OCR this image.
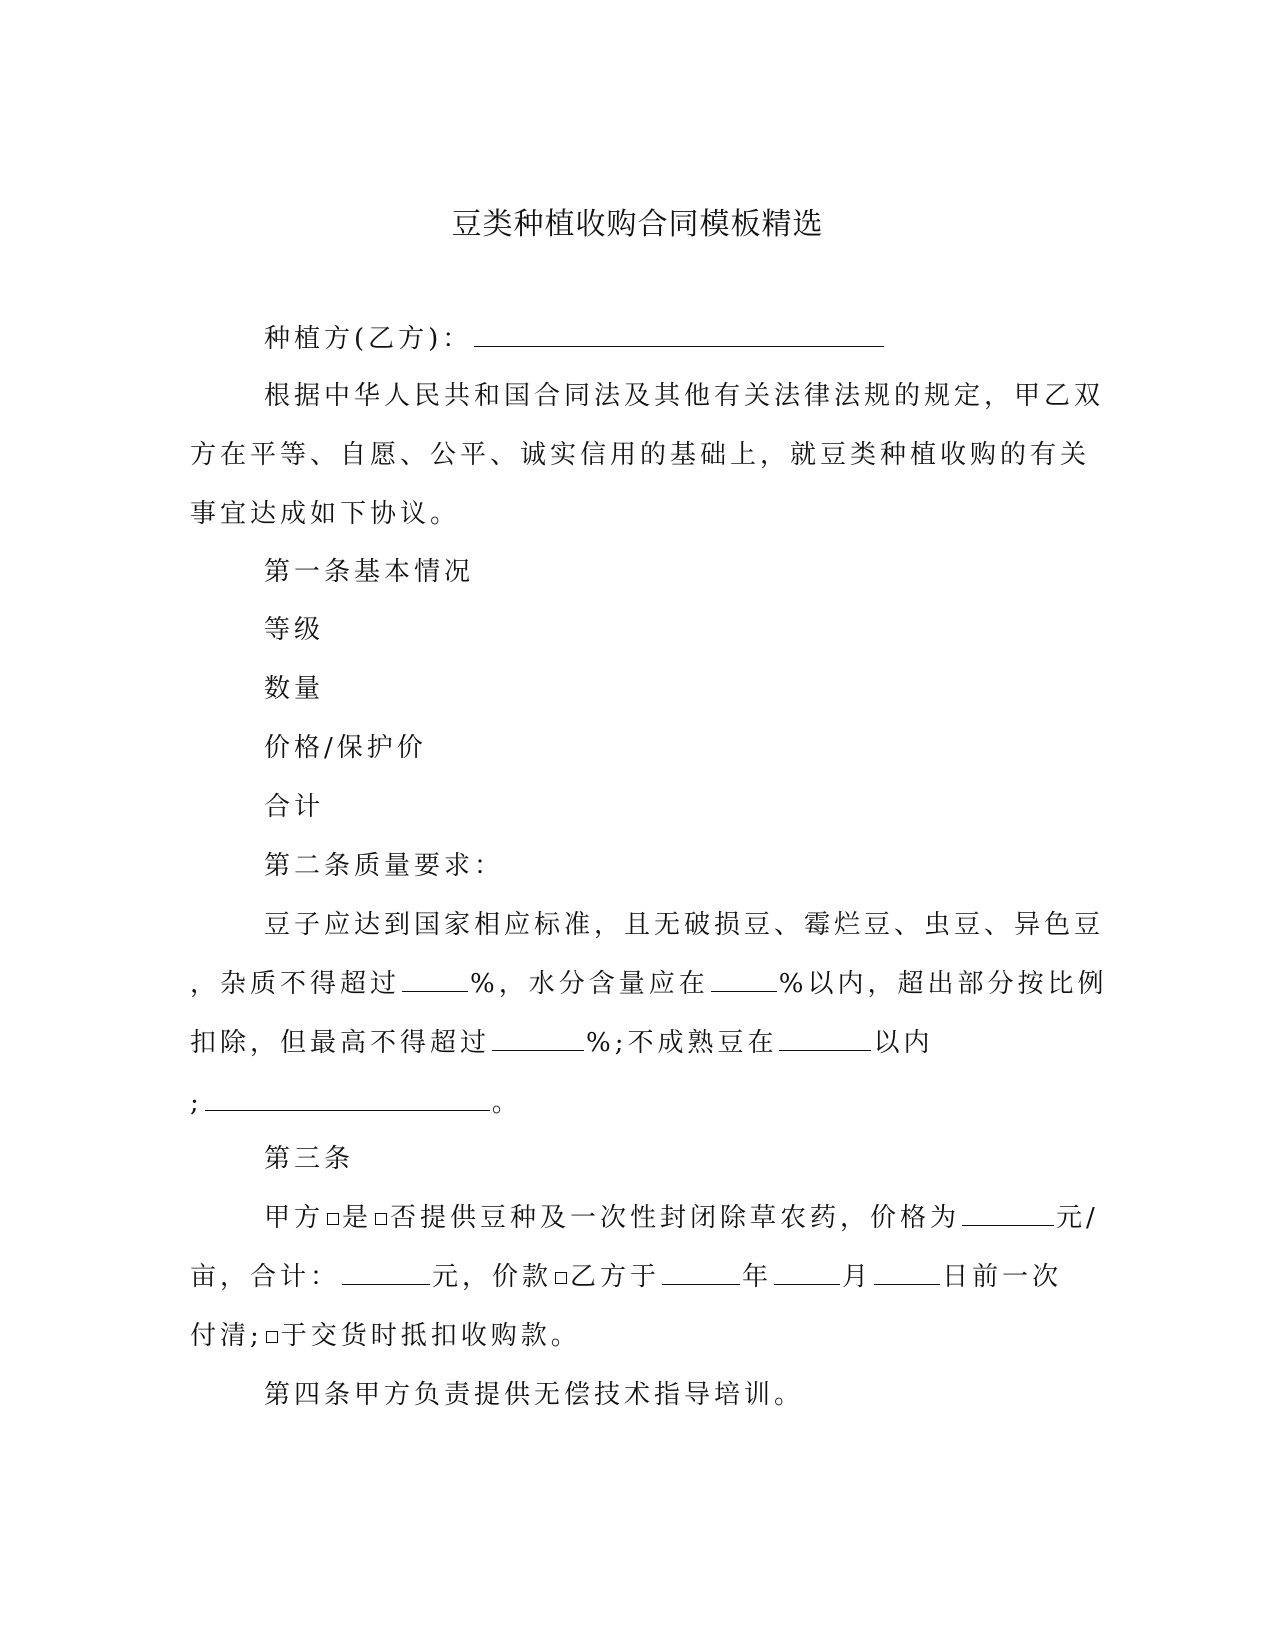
豆类种植收购合同模板精选
种植方(乙方)：
根据中华人民共和国合同法及其他有关法律法规的规定，甲乙双
方在平等、自愿、公平、诚实信用的基础上，就豆类种植收购的有关
事宜达成如下协议。
第一条基本情况
等级
数量
价格/保护价
合计
第二条质量要求：
豆子应达到国家相应标准，且无破损豆、霉烂豆、虫豆、异色豆
，杂质不得超过	%，水分含量应在	%以内，超出部分按比例
扣除，但最高不得超过	%;不成熟豆在	以内
;	。
第三条
甲方 是 否提供豆种及一次性封闭除草农药，价格为	元/
亩，合计：	元，价款 乙方于	年	月	日前一次
付清; 于交货时抵扣收购款。
第四条甲方负责提供无偿技术指导培训。
